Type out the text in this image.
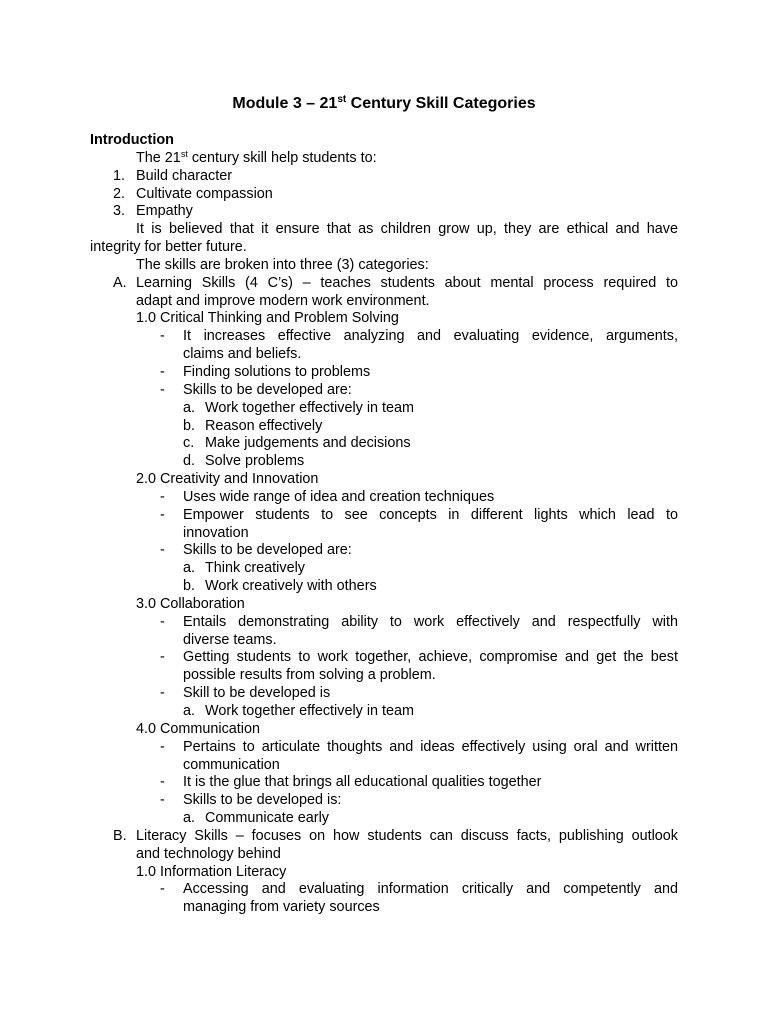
Module 3 – 21st Century Skill Categories
Introduction
The 21st century skill help students to:
1. Build character
2. Cultivate compassion
3. Empathy
It is believed that it ensure that as children grow up, they are ethical and have
integrity for better future.
The skills are broken into three (3) categories:
A. Learning Skills (4 C’s) – teaches students about mental process required to
adapt and improve modern work environment.
1.0 Critical Thinking and Problem Solving
- It increases effective analyzing and evaluating evidence, arguments,
claims and beliefs.
- Finding solutions to problems
- Skills to be developed are:
a. Work together effectively in team
b. Reason effectively
c. Make judgements and decisions
d. Solve problems
2.0 Creativity and Innovation
- Uses wide range of idea and creation techniques
- Empower students to see concepts in different lights which lead to
innovation
- Skills to be developed are:
a. Think creatively
b. Work creatively with others
3.0 Collaboration
- Entails demonstrating ability to work effectively and respectfully with
diverse teams.
- Getting students to work together, achieve, compromise and get the best
possible results from solving a problem.
- Skill to be developed is
a. Work together effectively in team
4.0 Communication
- Pertains to articulate thoughts and ideas effectively using oral and written
communication
- It is the glue that brings all educational qualities together
- Skills to be developed is:
a. Communicate early
B. Literacy Skills – focuses on how students can discuss facts, publishing outlook
and technology behind
1.0 Information Literacy
- Accessing and evaluating information critically and competently and
managing from variety sources
